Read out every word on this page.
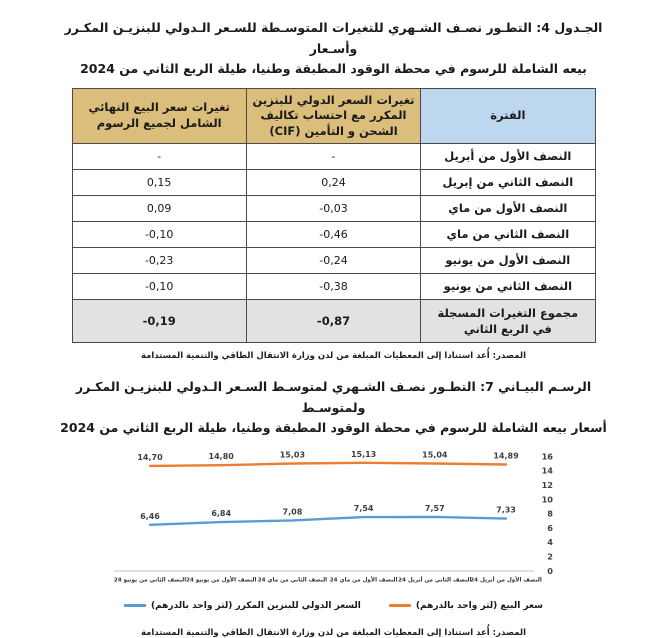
الجـدول 4: التطـور نصـف الشـهري للتغيرات المتوسـطة للسـعر الـدولي للبنزيـن المكـرر وأسـعار
بيعه الشاملة للرسوم في محطة الوقود المطبقة وطنيا، طيلة الربع الثاني من 2024
الفترة	تغيرات السعر الدولي للبنزين المكرر مع احتساب تكاليف الشحن و التأمين (CIF)	تغيرات سعر البيع النهائي الشامل لجميع الرسوم
النصف الأول من أبريل	-	-
النصف الثاني من إبريل	0,24	0,15
النصف الأول من ماي	-0,03	0,09
النصف الثاني من ماي	-0,46	-0,10
النصف الأول من يونيو	-0,24	-0,23
النصف الثاني من يونيو	-0,38	-0,10
مجموع التغيرات المسجلة في الربع الثاني	-0,87	-0,19
المصدر: أُعد استنادا إلى المعطيات المبلغة من لدن وزارة الانتقال الطاقي والتنمية المستدامة
الرسـم البيـاني 7: التطـور نصـف الشـهري لمتوسـط السـعر الـدولي للبنزيـن المكـرر ولمتوسـط
أسعار بيعه الشاملة للرسوم في محطة الوقود المطبقة وطنيا، طيلة الربع الثاني من 2024
16
14
12
10
8
6
4
2
0
النصف الثاني من يونيو 24 النصف الأول من يونيو 24 النصف الثاني من ماي 24 النصف الأول من ماي 24 النصف الثاني من أبريل 24
النصف الأول من أبريل 24
14,70	14,80	15,03	15,13	15,04	14,89
6,46	6,84	7,08	7,54	7,57	7,33
السعر الدولي للبنزين المكرر (لتر واحد بالدرهم)	سعر البيع (لتر واحد بالدرهم)
المصدر: أُعد استنادا إلى المعطيات المبلغة من لدن وزارة الانتقال الطاقي والتنمية المستدامة
